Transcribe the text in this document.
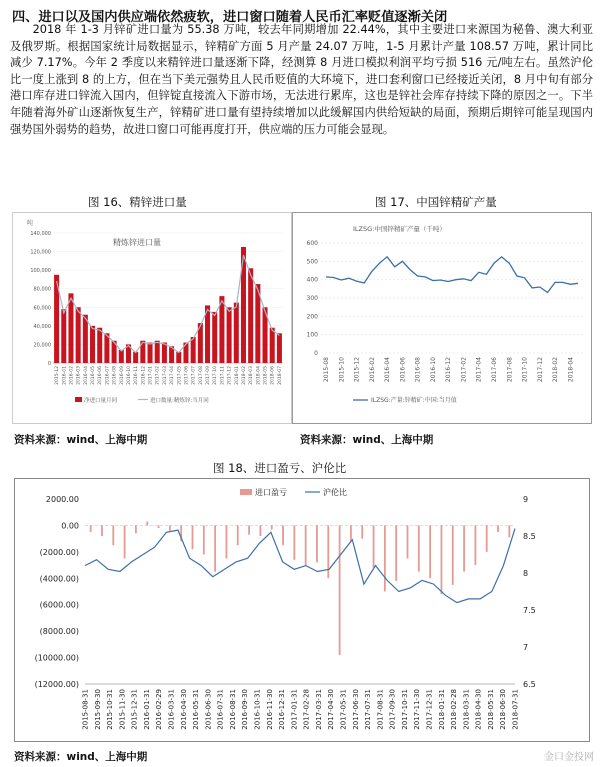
四、进口以及国内供应端依然疲软，进口窗口随着人民币汇率贬值逐渐关闭

2018 年 1-3 月锌矿进口量为 55.38 万吨，较去年同期增加 22.44%，其中主要进口来源国为秘鲁、澳大利亚及俄罗斯。根据国家统计局数据显示，锌精矿方面 5 月产量 24.07 万吨，1-5 月累计产量 108.57 万吨，累计同比减少 7.17%。今年 2 季度以来精锌进口量逐渐下降，经测算 8 月进口模拟利润平均亏损 516 元/吨左右。虽然沪伦比一度上涨到 8 的上方，但在当下美元强势且人民币贬值的大环境下，进口套利窗口已经接近关闭，8 月中旬有部分港口库存进口锌流入国内，但锌锭直接流入下游市场，无法进行累库，这也是锌社会库存持续下降的原因之一。下半年随着海外矿山逐渐恢复生产，锌精矿进口量有望持续增加以此缓解国内供给短缺的局面，预期后期锌可能呈现国内强势国外弱势的趋势，故进口窗口可能再度打开，供应端的压力可能会显现。

图 16、精锌进口量
吨
0
20,000
40,000
60,000
80,000
100,000
120,000
140,000
2015-12 2016-01 2016-02 2016-03 2016-04 2016-05 2016-06 2016-07 2016-08 2016-09 2016-10 2016-11 2016-12 2017-01 2017-02 2017-03 2017-04 2017-05 2017-06 2017-07 2017-08 2017-09 2017-10 2017-11 2017-12 2018-01 2018-02 2018-03 2018-04 2018-05 2018-06 2018-07
精炼锌进口量
净进口量月同	进口数量:精炼锌:当月同
资料来源：wind、上海中期
图 17、中国锌精矿产量
ILZSG:中国锌精矿产量（千吨）
0
100
200
300
400
500
600
2015-08 2015-10 2015-12 2016-02 2016-04 2016-06 2016-08 2016-10 2016-12 2017-02 2017-04 2017-06 2017-08 2017-10 2017-12 2018-02 2018-04
ILZSG:产量:锌精矿:中国:当月值
资料来源：wind、上海中期
图 18、进口盈亏、沪伦比
2000.00
0.00
(2000.00)
(4000.00)
(6000.00)
(8000.00)
(10000.00)
(12000.00)
9
8.5
8
7.5
7
6.5
2015-08-31 2015-09-30 2015-10-31 2015-11-30 2015-12-31 2016-01-31 2016-02-29 2016-03-31 2016-04-30 2016-05-31 2016-06-30 2016-07-31 2016-08-31 2016-09-30 2016-10-31 2016-11-30 2016-12-31 2017-01-31 2017-02-28 2017-03-31 2017-04-30 2017-05-31 2017-06-30 2017-07-31 2017-08-31 2017-09-30 2017-10-31 2017-11-30 2017-12-31 2018-01-31 2018-02-28 2018-03-31 2018-04-30 2018-05-31 2018-06-30 2018-07-31
进口盈亏	沪伦比
资料来源：wind、上海中期	金口金投网
